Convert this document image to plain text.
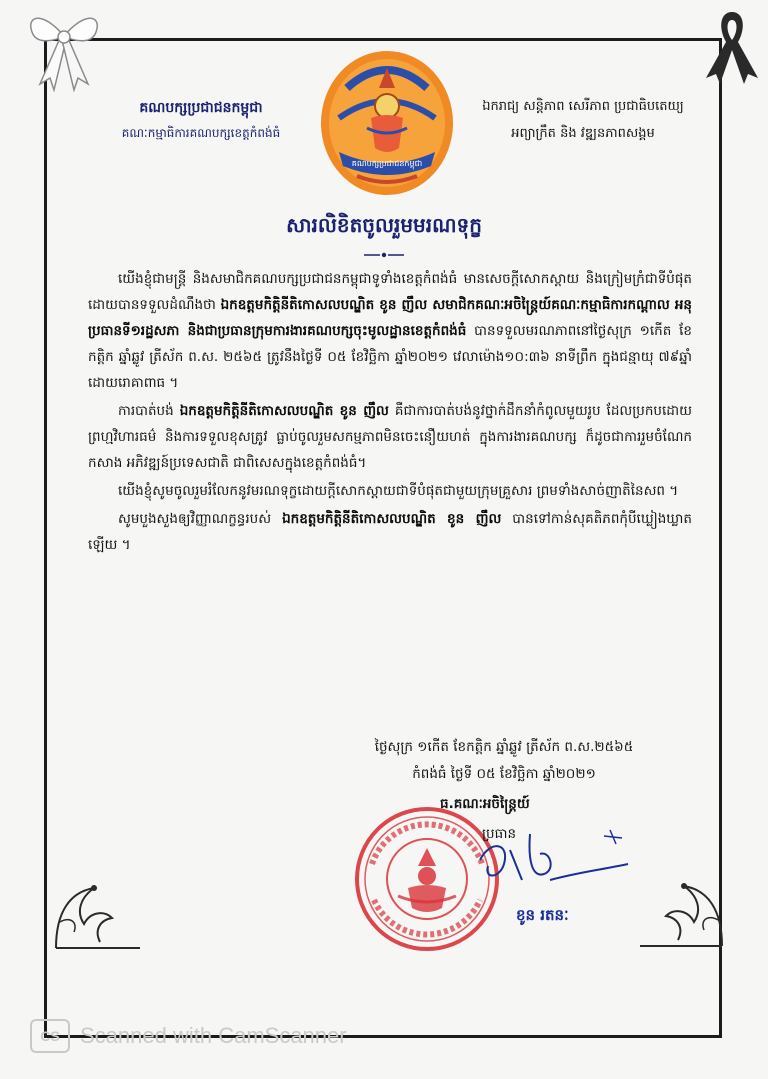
គណបក្សប្រជាជនកម្ពុជា
គណៈកម្មាធិការគណបក្សខេត្តកំពង់ធំ
គណបក្សប្រជាជនកម្ពុជា
ឯករាជ្យ សន្តិភាព សេរីភាព ប្រជាធិបតេយ្យ
អព្យាក្រឹត និង វឌ្ឍនភាពសង្គម
សារលិខិតចូលរួមមរណទុក្ខ

យើងខ្ញុំជាមន្ត្រី និងសមាជិកគណបក្សប្រជាជនកម្ពុជាទូទាំងខេត្តកំពង់ធំ មានសេចក្តីសោកស្តាយ និងក្រៀមក្រំជាទីបំផុត ដោយបានទទួលដំណឹងថា ឯកឧត្តមកិត្តិនីតិកោសលបណ្ឌិត ខូន ញឹល សមាជិកគណៈអចិន្ត្រៃយ៍គណៈកម្មាធិការកណ្តាល អនុប្រធានទី១រដ្ឋសភា និងជាប្រធានក្រុមការងារគណបក្សចុះមូលដ្ឋានខេត្តកំពង់ធំ បានទទួលមរណភាពនៅថ្ងៃសុក្រ ១កើត ខែកត្តិក ឆ្នាំឆ្លូវ ត្រីស័ក ព.ស. ២៥៦៥ ត្រូវនឹងថ្ងៃទី ០៥ ខែវិច្ឆិកា ឆ្នាំ២០២១ វេលាម៉ោង១០:៣៦ នាទីព្រឹក ក្នុងជន្មាយុ ៧៩ឆ្នាំ ដោយរោគាពាធ ។

ការបាត់បង់ ឯកឧត្តមកិត្តិនីតិកោសលបណ្ឌិត ខូន ញឹល គឺជាការបាត់បង់នូវថ្នាក់ដឹកនាំកំពូលមួយរូប ដែលប្រកបដោយព្រហ្មវិហារធម៌ និងការទទួលខុសត្រូវ ធ្លាប់ចូលរួមសកម្មភាពមិនចេះនឿយហត់ ក្នុងការងារគណបក្ស ក៏ដូចជាការរួមចំណែកកសាង អភិវឌ្ឍន៍ប្រទេសជាតិ ជាពិសេសក្នុងខេត្តកំពង់ធំ។

យើងខ្ញុំសូមចូលរួមរំលែកនូវមរណទុក្ខដោយក្តីសោកស្តាយជាទីបំផុតជាមួយក្រុមគ្រួសារ ព្រមទាំងសាច់ញាតិនៃសព ។

សូមបួងសួងឲ្យវិញ្ញាណក្ខន្ធរបស់ ឯកឧត្តមកិត្តិនីតិកោសលបណ្ឌិត ខូន ញឹល បានទៅកាន់សុគតិភពកុំបីឃ្លៀងឃ្លាតឡើយ ។

ថ្ងៃសុក្រ ១កើត ខែកត្តិក ឆ្នាំឆ្លូវ ត្រីស័ក ព.ស.២៥៦៥
កំពង់ធំ ថ្ងៃទី ០៥ ខែវិច្ឆិកា ឆ្នាំ២០២១
ធ.គណៈអចិន្ត្រៃយ៍
ប្រធាន
ខូន រតនៈ
CS Scanned with CamScanner
